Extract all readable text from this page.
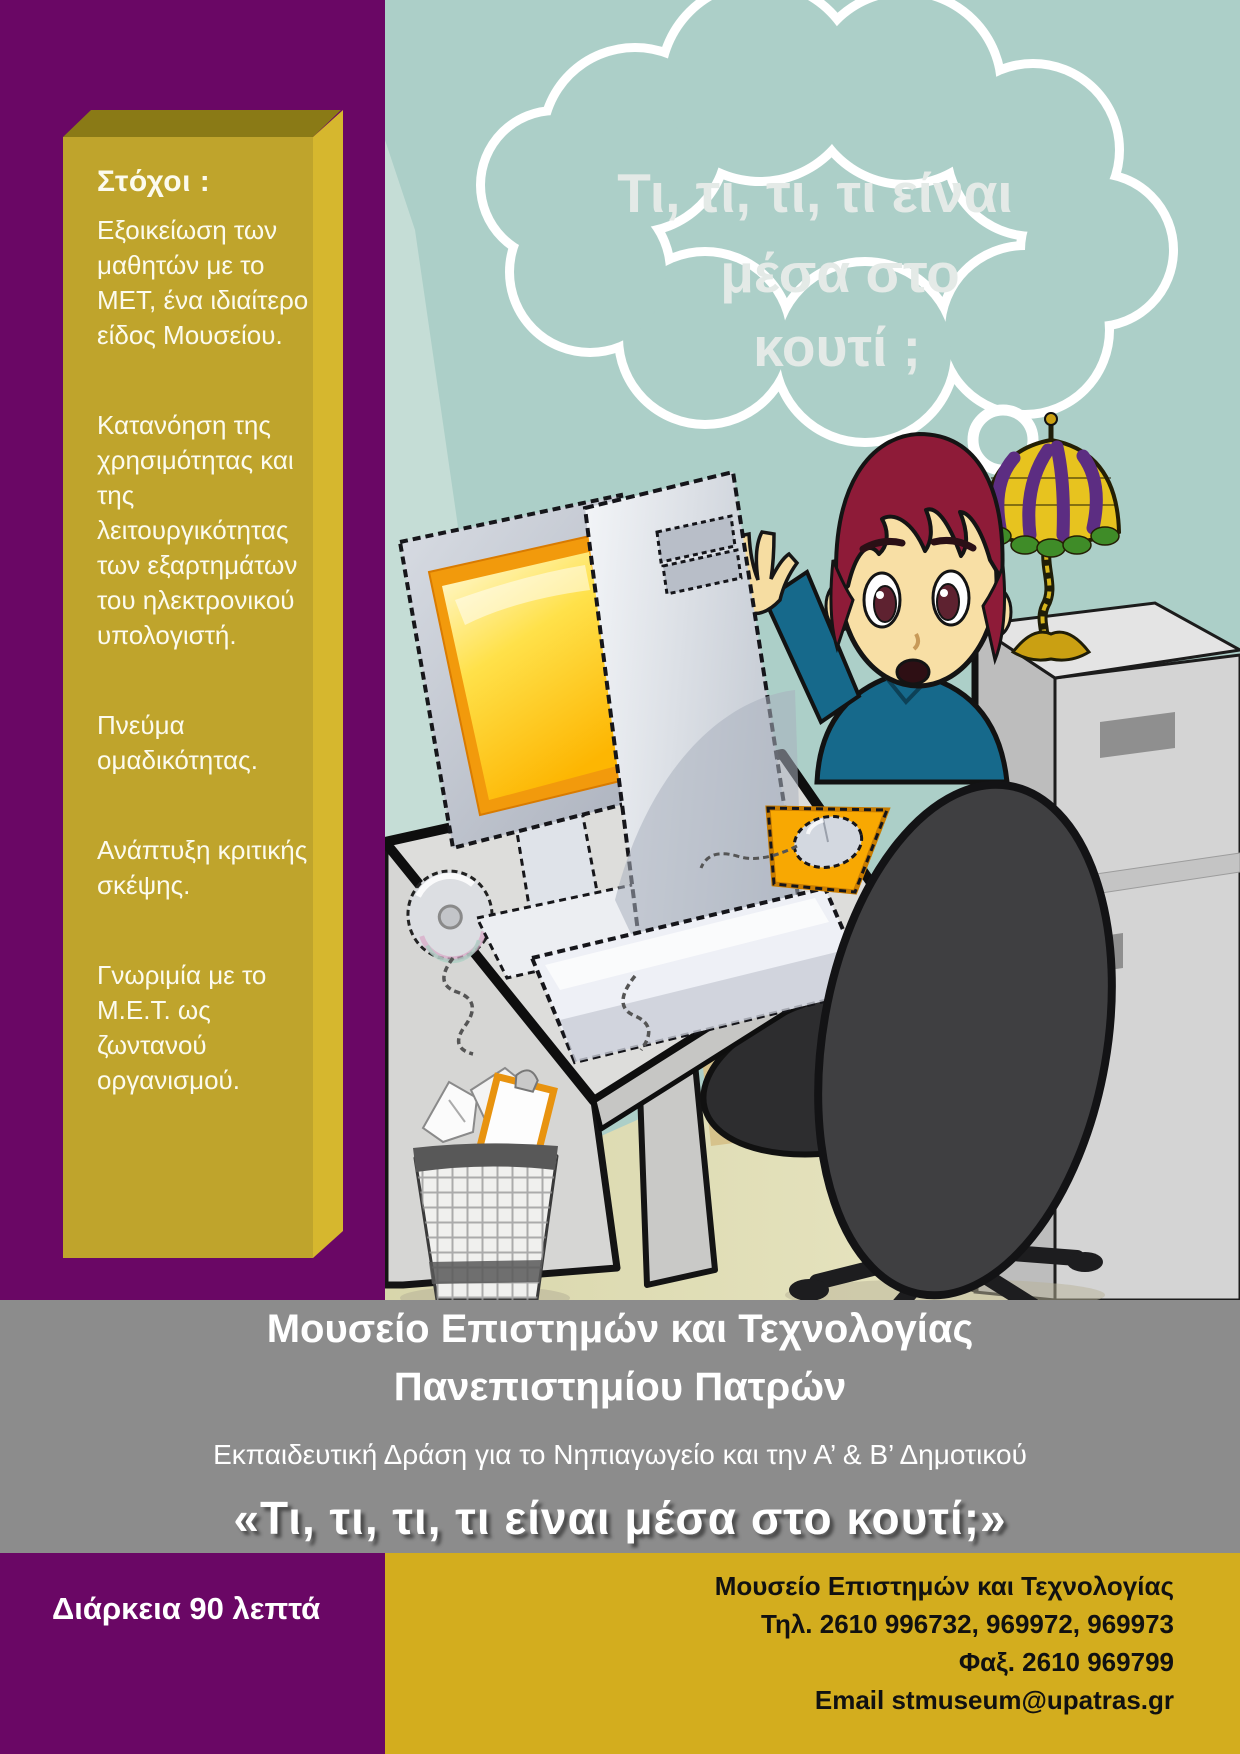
Στόχοι :
Εξοικείωση των μαθητών με το ΜΕΤ, ένα ιδιαίτερο είδος Μουσείου.
Κατανόηση της χρησιμότητας και της λειτουργικότητας των εξαρτημάτων του ηλεκτρονικού υπολογιστή.
Πνεύμα ομαδικότητας.
Ανάπτυξη κριτικής σκέψης.
Γνωριμία με το Μ.Ε.Τ. ως ζωντανού οργανισμού.
Τι, τι, τι, τι είναι
μέσα στο
κουτί ;
Μουσείο Επιστημών και Τεχνολογίας
Πανεπιστημίου Πατρών
Εκπαιδευτική Δράση για το Νηπιαγωγείο και την Α’ & Β’ Δημοτικού
«Τι, τι, τι, τι είναι μέσα στο κουτί;»
Διάρκεια 90 λεπτά
Μουσείο Επιστημών και Τεχνολογίας
Τηλ. 2610 996732, 969972, 969973
Φαξ. 2610 969799
Email stmuseum@upatras.gr
